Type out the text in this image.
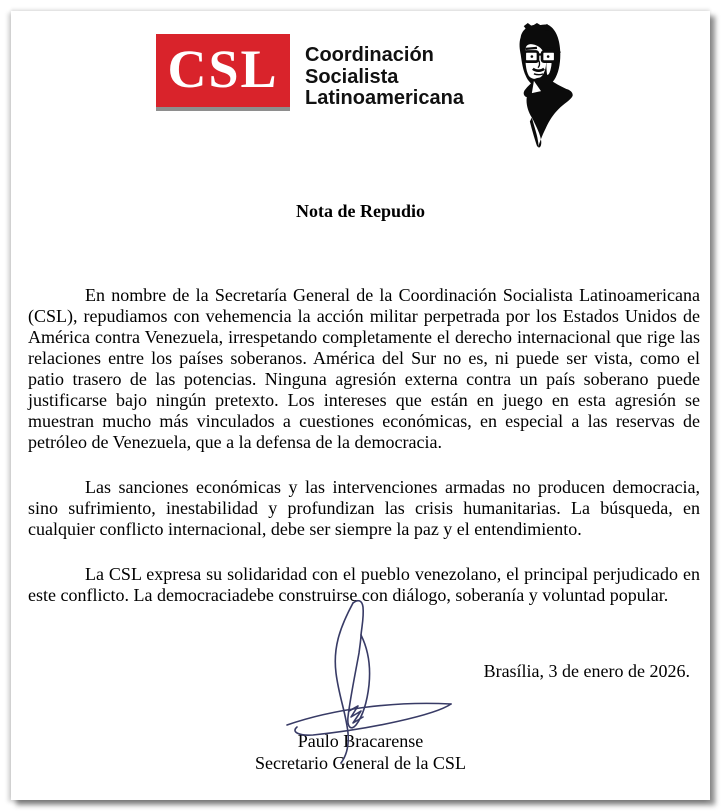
CSL Coordinación
Socialista
Latinoamericana
Nota de Repudio

En nombre de la Secretaría General de la Coordinación Socialista Latinoamericana (CSL), repudiamos con vehemencia la acción militar perpetrada por los Estados Unidos de América contra Venezuela, irrespetando completamente el derecho internacional que rige las relaciones entre los países soberanos. América del Sur no es, ni puede ser vista, como el patio trasero de las potencias. Ninguna agresión externa contra un país soberano puede justificarse bajo ningún pretexto. Los intereses que están en juego en esta agresión se muestran mucho más vinculados a cuestiones económicas, en especial a las reservas de petróleo de Venezuela, que a la defensa de la democracia.

Las sanciones económicas y las intervenciones armadas no producen democracia, sino sufrimiento, inestabilidad y profundizan las crisis humanitarias. La búsqueda, en cualquier conflicto internacional, debe ser siempre la paz y el entendimiento.

La CSL expresa su solidaridad con el pueblo venezolano, el principal perjudicado en este conflicto. La democraciadebe construirse con diálogo, soberanía y voluntad popular.

Brasília, 3 de enero de 2026.
Paulo Bracarense
Secretario General de la CSL
